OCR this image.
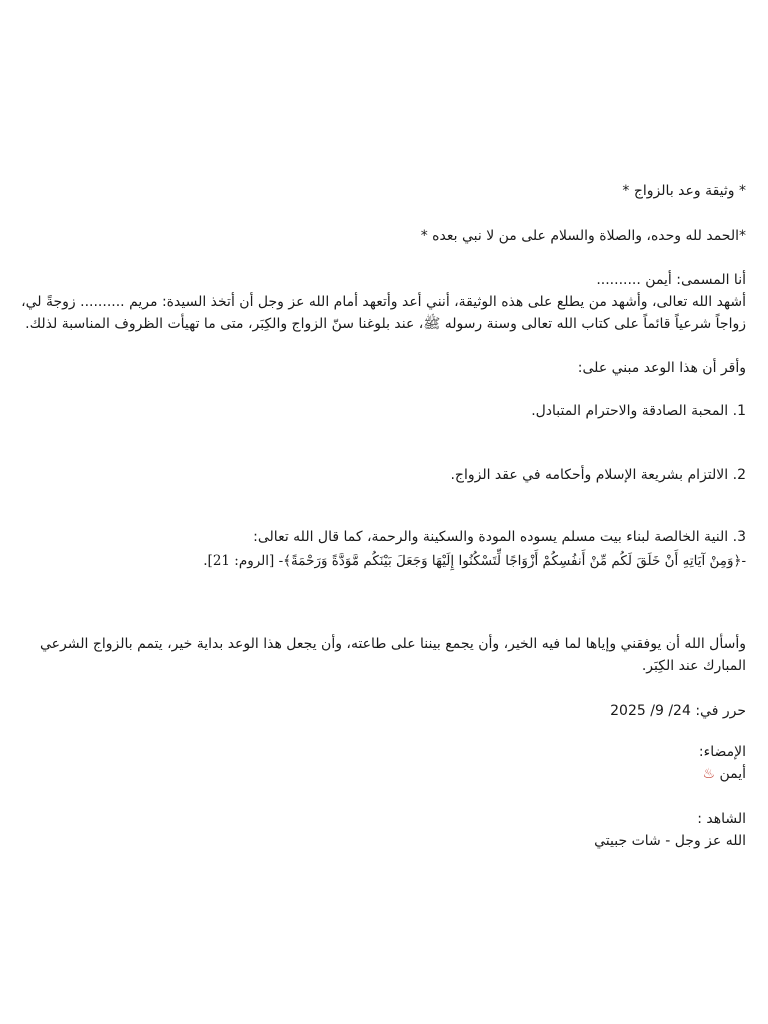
* وثيقة وعد بالزواج *
*الحمد لله وحده، والصلاة والسلام على من لا نبي بعده *
أنا المسمى: أيمن ..........
أشهد الله تعالى، وأشهد من يطلع على هذه الوثيقة، أنني أعد وأتعهد أمام الله عز وجل أن أتخذ السيدة: مريم .......... زوجةً لي،
زواجاً شرعياً قائماً على كتاب الله تعالى وسنة رسوله ﷺ، عند بلوغنا سنّ الزواج والكِبَر، متى ما تهيأت الظروف المناسبة لذلك.
وأقر أن هذا الوعد مبني على:
1. المحبة الصادقة والاحترام المتبادل.
2. الالتزام بشريعة الإسلام وأحكامه في عقد الزواج.
3. النية الخالصة لبناء بيت مسلم يسوده المودة والسكينة والرحمة، كما قال الله تعالى:
-﴿وَمِنْ آيَاتِهِ أَنْ خَلَقَ لَكُم مِّنْ أَنفُسِكُمْ أَزْوَاجًا لِّتَسْكُنُوا إِلَيْهَا وَجَعَلَ بَيْنَكُم مَّوَدَّةً وَرَحْمَةً﴾- [الروم: 21].
وأسأل الله أن يوفقني وإياها لما فيه الخير، وأن يجمع بيننا على طاعته، وأن يجعل هذا الوعد بداية خير، يتمم بالزواج الشرعي المبارك عند الكِبَر.
حرر في: 24/ 9/ 2025
الإمضاء:
أيمن ♨
الشاهد :
الله عز وجل - شات جبيتي
